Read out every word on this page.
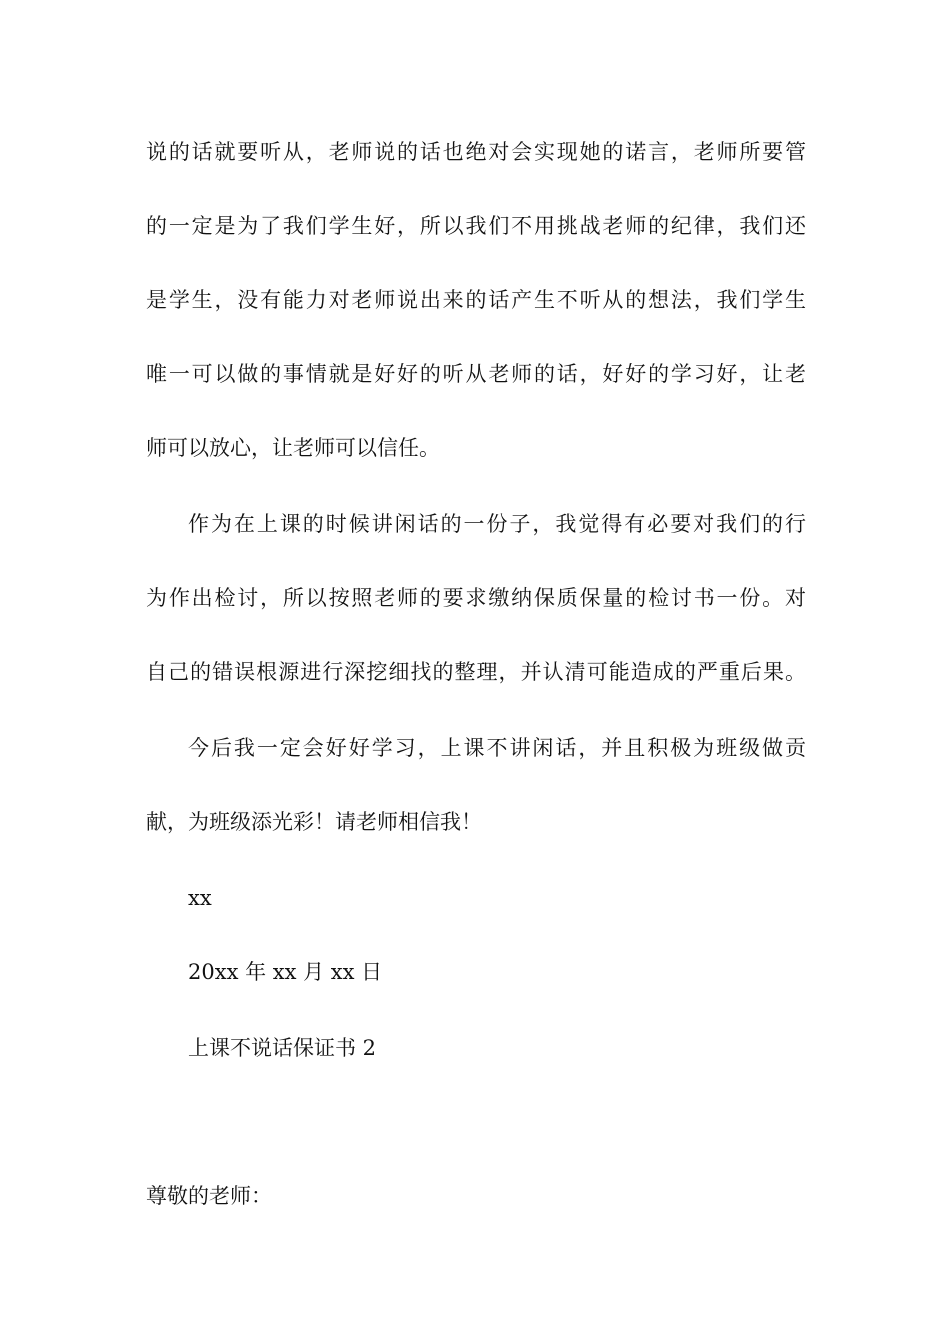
说的话就要听从，老师说的话也绝对会实现她的诺言，老师所要管
的一定是为了我们学生好，所以我们不用挑战老师的纪律，我们还
是学生，没有能力对老师说出来的话产生不听从的想法，我们学生
唯一可以做的事情就是好好的听从老师的话，好好的学习好，让老
师可以放心，让老师可以信任。
作为在上课的时候讲闲话的一份子，我觉得有必要对我们的行
为作出检讨，所以按照老师的要求缴纳保质保量的检讨书一份。对
自己的错误根源进行深挖细找的整理，并认清可能造成的严重后果。
今后我一定会好好学习，上课不讲闲话，并且积极为班级做贡
献，为班级添光彩！请老师相信我！
xx
20xx 年 xx 月 xx 日
上课不说话保证书 2
尊敬的老师：
